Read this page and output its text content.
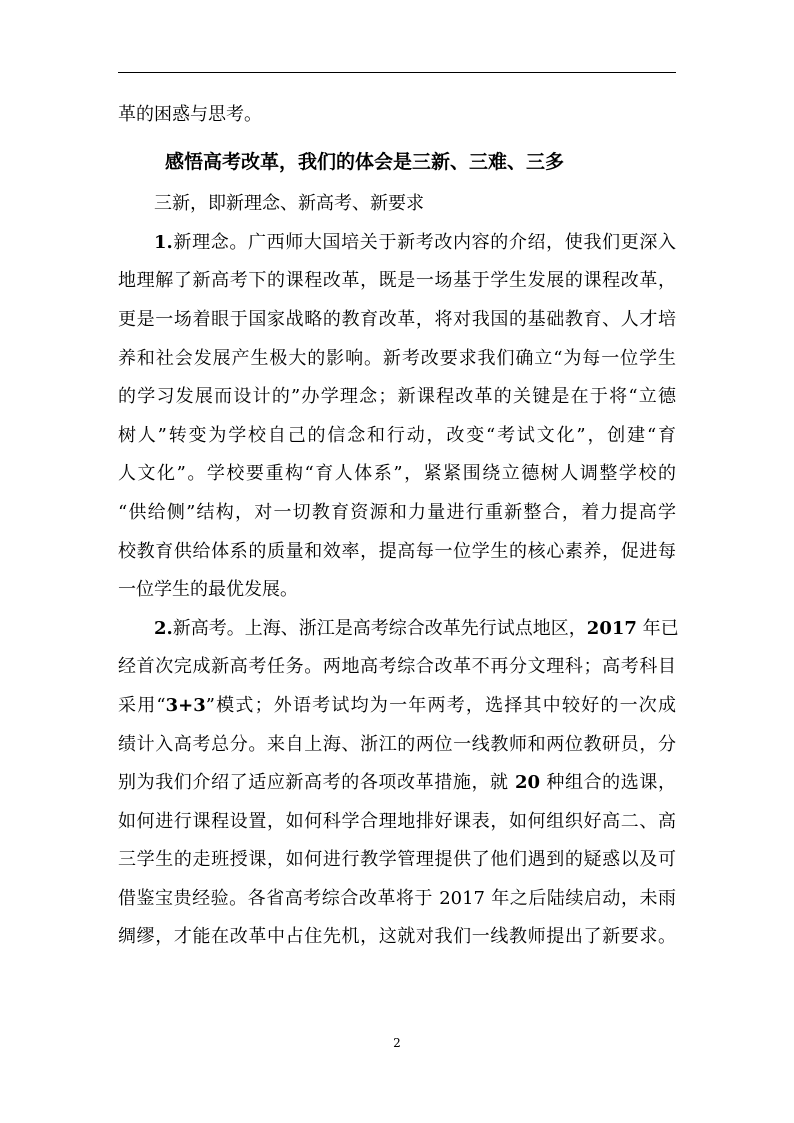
革的困惑与思考。
感悟高考改革，我们的体会是三新、三难、三多
三新，即新理念、新高考、新要求
1.新理念。广西师大国培关于新考改内容的介绍，使我们更深入
地理解了新高考下的课程改革，既是一场基于学生发展的课程改革，
更是一场着眼于国家战略的教育改革，将对我国的基础教育、人才培
养和社会发展产生极大的影响。新考改要求我们确立“为每一位学生
的学习发展而设计的”办学理念；新课程改革的关键是在于将“立德
树人”转变为学校自己的信念和行动，改变“考试文化”，创建“育
人文化”。学校要重构“育人体系”，紧紧围绕立德树人调整学校的
“供给侧”结构，对一切教育资源和力量进行重新整合，着力提高学
校教育供给体系的质量和效率，提高每一位学生的核心素养，促进每
一位学生的最优发展。
2.新高考。上海、浙江是高考综合改革先行试点地区，2017 年已
经首次完成新高考任务。两地高考综合改革不再分文理科；高考科目
采用“3+3”模式；外语考试均为一年两考，选择其中较好的一次成
绩计入高考总分。来自上海、浙江的两位一线教师和两位教研员，分
别为我们介绍了适应新高考的各项改革措施，就 20 种组合的选课，
如何进行课程设置，如何科学合理地排好课表，如何组织好高二、高
三学生的走班授课，如何进行教学管理提供了他们遇到的疑惑以及可
借鉴宝贵经验。各省高考综合改革将于 2017 年之后陆续启动，未雨
绸缪，才能在改革中占住先机，这就对我们一线教师提出了新要求。
2
